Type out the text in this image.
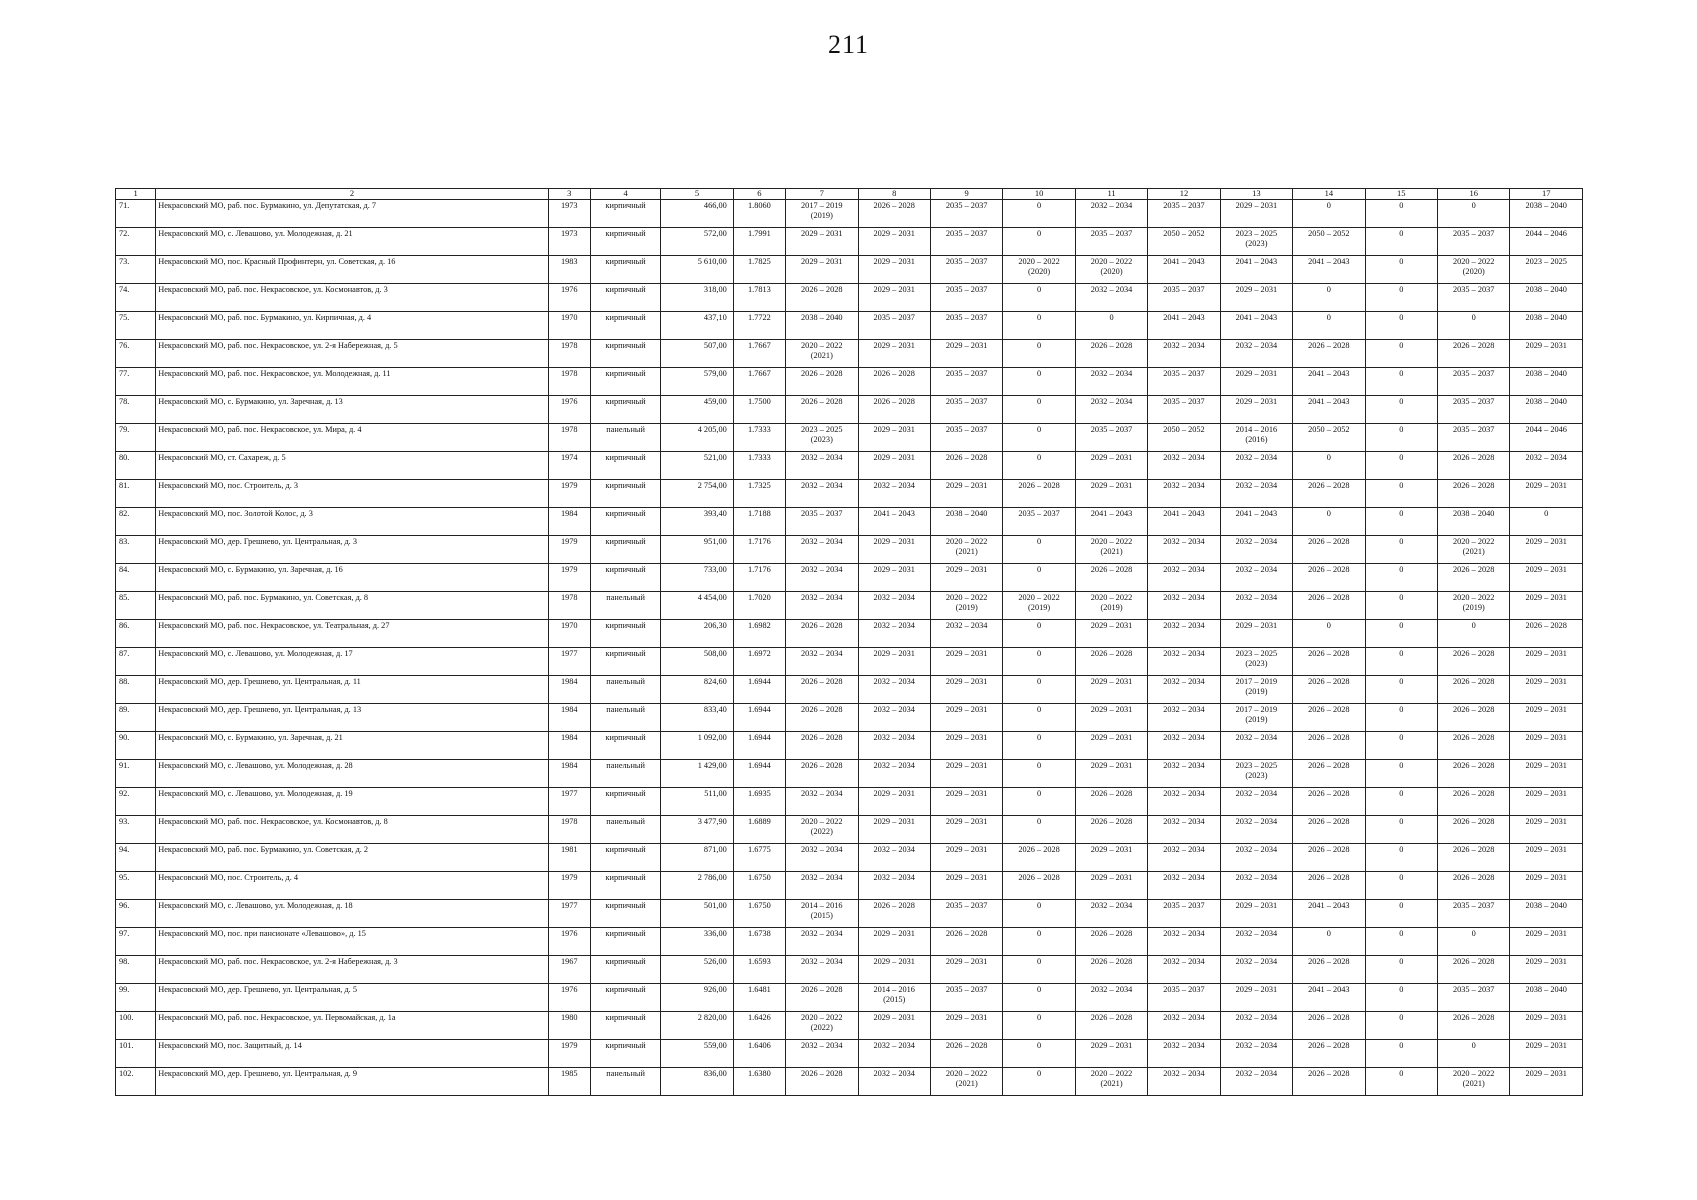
211
1	2	3	4	5	6	7	8	9	10	11	12	13	14	15	16	17
71.	Некрасовский МО, раб. пос. Бурмакино, ул. Депутатская, д. 7	1973	кирпичный	466,00	1.8060	2017 – 2019
(2019)	2026 – 2028	2035 – 2037	0	2032 – 2034	2035 – 2037	2029 – 2031	0	0	0	2038 – 2040
72.	Некрасовский МО, с. Левашово, ул. Молодежная, д. 21	1973	кирпичный	572,00	1.7991	2029 – 2031	2029 – 2031	2035 – 2037	0	2035 – 2037	2050 – 2052	2023 – 2025
(2023)	2050 – 2052	0	2035 – 2037	2044 – 2046
73.	Некрасовский МО, пос. Красный Профинтерн, ул. Советская, д. 16	1983	кирпичный	5 610,00	1.7825	2029 – 2031	2029 – 2031	2035 – 2037	2020 – 2022
(2020)	2020 – 2022
(2020)	2041 – 2043	2041 – 2043	2041 – 2043	0	2020 – 2022
(2020)	2023 – 2025
74.	Некрасовский МО, раб. пос. Некрасовское, ул. Космонавтов, д. 3	1976	кирпичный	318,00	1.7813	2026 – 2028	2029 – 2031	2035 – 2037	0	2032 – 2034	2035 – 2037	2029 – 2031	0	0	2035 – 2037	2038 – 2040
75.	Некрасовский МО, раб. пос. Бурмакино, ул. Кирпичная, д. 4	1970	кирпичный	437,10	1.7722	2038 – 2040	2035 – 2037	2035 – 2037	0	0	2041 – 2043	2041 – 2043	0	0	0	2038 – 2040
76.	Некрасовский МО, раб. пос. Некрасовское, ул. 2-я Набережная, д. 5	1978	кирпичный	507,00	1.7667	2020 – 2022
(2021)	2029 – 2031	2029 – 2031	0	2026 – 2028	2032 – 2034	2032 – 2034	2026 – 2028	0	2026 – 2028	2029 – 2031
77.	Некрасовский МО, раб. пос. Некрасовское, ул. Молодежная, д. 11	1978	кирпичный	579,00	1.7667	2026 – 2028	2026 – 2028	2035 – 2037	0	2032 – 2034	2035 – 2037	2029 – 2031	2041 – 2043	0	2035 – 2037	2038 – 2040
78.	Некрасовский МО, с. Бурмакино, ул. Заречная, д. 13	1976	кирпичный	459,00	1.7500	2026 – 2028	2026 – 2028	2035 – 2037	0	2032 – 2034	2035 – 2037	2029 – 2031	2041 – 2043	0	2035 – 2037	2038 – 2040
79.	Некрасовский МО, раб. пос. Некрасовское, ул. Мира, д. 4	1978	панельный	4 205,00	1.7333	2023 – 2025
(2023)	2029 – 2031	2035 – 2037	0	2035 – 2037	2050 – 2052	2014 – 2016
(2016)	2050 – 2052	0	2035 – 2037	2044 – 2046
80.	Некрасовский МО, ст. Сахареж, д. 5	1974	кирпичный	521,00	1.7333	2032 – 2034	2029 – 2031	2026 – 2028	0	2029 – 2031	2032 – 2034	2032 – 2034	0	0	2026 – 2028	2032 – 2034
81.	Некрасовский МО, пос. Строитель, д. 3	1979	кирпичный	2 754,00	1.7325	2032 – 2034	2032 – 2034	2029 – 2031	2026 – 2028	2029 – 2031	2032 – 2034	2032 – 2034	2026 – 2028	0	2026 – 2028	2029 – 2031
82.	Некрасовский МО, пос. Золотой Колос, д. 3	1984	кирпичный	393,40	1.7188	2035 – 2037	2041 – 2043	2038 – 2040	2035 – 2037	2041 – 2043	2041 – 2043	2041 – 2043	0	0	2038 – 2040	0
83.	Некрасовский МО, дер. Грешнево, ул. Центральная, д. 3	1979	кирпичный	951,00	1.7176	2032 – 2034	2029 – 2031	2020 – 2022
(2021)	0	2020 – 2022
(2021)	2032 – 2034	2032 – 2034	2026 – 2028	0	2020 – 2022
(2021)	2029 – 2031
84.	Некрасовский МО, с. Бурмакино, ул. Заречная, д. 16	1979	кирпичный	733,00	1.7176	2032 – 2034	2029 – 2031	2029 – 2031	0	2026 – 2028	2032 – 2034	2032 – 2034	2026 – 2028	0	2026 – 2028	2029 – 2031
85.	Некрасовский МО, раб. пос. Бурмакино, ул. Советская, д. 8	1978	панельный	4 454,00	1.7020	2032 – 2034	2032 – 2034	2020 – 2022
(2019)	2020 – 2022
(2019)	2020 – 2022
(2019)	2032 – 2034	2032 – 2034	2026 – 2028	0	2020 – 2022
(2019)	2029 – 2031
86.	Некрасовский МО, раб. пос. Некрасовское, ул. Театральная, д. 27	1970	кирпичный	206,30	1.6982	2026 – 2028	2032 – 2034	2032 – 2034	0	2029 – 2031	2032 – 2034	2029 – 2031	0	0	0	2026 – 2028
87.	Некрасовский МО, с. Левашово, ул. Молодежная, д. 17	1977	кирпичный	508,00	1.6972	2032 – 2034	2029 – 2031	2029 – 2031	0	2026 – 2028	2032 – 2034	2023 – 2025
(2023)	2026 – 2028	0	2026 – 2028	2029 – 2031
88.	Некрасовский МО, дер. Грешнево, ул. Центральная, д. 11	1984	панельный	824,60	1.6944	2026 – 2028	2032 – 2034	2029 – 2031	0	2029 – 2031	2032 – 2034	2017 – 2019
(2019)	2026 – 2028	0	2026 – 2028	2029 – 2031
89.	Некрасовский МО, дер. Грешнево, ул. Центральная, д. 13	1984	панельный	833,40	1.6944	2026 – 2028	2032 – 2034	2029 – 2031	0	2029 – 2031	2032 – 2034	2017 – 2019
(2019)	2026 – 2028	0	2026 – 2028	2029 – 2031
90.	Некрасовский МО, с. Бурмакино, ул. Заречная, д. 21	1984	кирпичный	1 092,00	1.6944	2026 – 2028	2032 – 2034	2029 – 2031	0	2029 – 2031	2032 – 2034	2032 – 2034	2026 – 2028	0	2026 – 2028	2029 – 2031
91.	Некрасовский МО, с. Левашово, ул. Молодежная, д. 28	1984	панельный	1 429,00	1.6944	2026 – 2028	2032 – 2034	2029 – 2031	0	2029 – 2031	2032 – 2034	2023 – 2025
(2023)	2026 – 2028	0	2026 – 2028	2029 – 2031
92.	Некрасовский МО, с. Левашово, ул. Молодежная, д. 19	1977	кирпичный	511,00	1.6935	2032 – 2034	2029 – 2031	2029 – 2031	0	2026 – 2028	2032 – 2034	2032 – 2034	2026 – 2028	0	2026 – 2028	2029 – 2031
93.	Некрасовский МО, раб. пос. Некрасовское, ул. Космонавтов, д. 8	1978	панельный	3 477,90	1.6889	2020 – 2022
(2022)	2029 – 2031	2029 – 2031	0	2026 – 2028	2032 – 2034	2032 – 2034	2026 – 2028	0	2026 – 2028	2029 – 2031
94.	Некрасовский МО, раб. пос. Бурмакино, ул. Советская, д. 2	1981	кирпичный	871,00	1.6775	2032 – 2034	2032 – 2034	2029 – 2031	2026 – 2028	2029 – 2031	2032 – 2034	2032 – 2034	2026 – 2028	0	2026 – 2028	2029 – 2031
95.	Некрасовский МО, пос. Строитель, д. 4	1979	кирпичный	2 786,00	1.6750	2032 – 2034	2032 – 2034	2029 – 2031	2026 – 2028	2029 – 2031	2032 – 2034	2032 – 2034	2026 – 2028	0	2026 – 2028	2029 – 2031
96.	Некрасовский МО, с. Левашово, ул. Молодежная, д. 18	1977	кирпичный	501,00	1.6750	2014 – 2016
(2015)	2026 – 2028	2035 – 2037	0	2032 – 2034	2035 – 2037	2029 – 2031	2041 – 2043	0	2035 – 2037	2038 – 2040
97.	Некрасовский МО, пос. при пансионате «Левашово», д. 15	1976	кирпичный	336,00	1.6738	2032 – 2034	2029 – 2031	2026 – 2028	0	2026 – 2028	2032 – 2034	2032 – 2034	0	0	0	2029 – 2031
98.	Некрасовский МО, раб. пос. Некрасовское, ул. 2-я Набережная, д. 3	1967	кирпичный	526,00	1.6593	2032 – 2034	2029 – 2031	2029 – 2031	0	2026 – 2028	2032 – 2034	2032 – 2034	2026 – 2028	0	2026 – 2028	2029 – 2031
99.	Некрасовский МО, дер. Грешнево, ул. Центральная, д. 5	1976	кирпичный	926,00	1.6481	2026 – 2028	2014 – 2016
(2015)	2035 – 2037	0	2032 – 2034	2035 – 2037	2029 – 2031	2041 – 2043	0	2035 – 2037	2038 – 2040
100.	Некрасовский МО, раб. пос. Некрасовское, ул. Первомайская, д. 1а	1980	кирпичный	2 820,00	1.6426	2020 – 2022
(2022)	2029 – 2031	2029 – 2031	0	2026 – 2028	2032 – 2034	2032 – 2034	2026 – 2028	0	2026 – 2028	2029 – 2031
101.	Некрасовский МО, пос. Защитный, д. 14	1979	кирпичный	559,00	1.6406	2032 – 2034	2032 – 2034	2026 – 2028	0	2029 – 2031	2032 – 2034	2032 – 2034	2026 – 2028	0	0	2029 – 2031
102.	Некрасовский МО, дер. Грешнево, ул. Центральная, д. 9	1985	панельный	836,00	1.6380	2026 – 2028	2032 – 2034	2020 – 2022
(2021)	0	2020 – 2022
(2021)	2032 – 2034	2032 – 2034	2026 – 2028	0	2020 – 2022
(2021)	2029 – 2031
